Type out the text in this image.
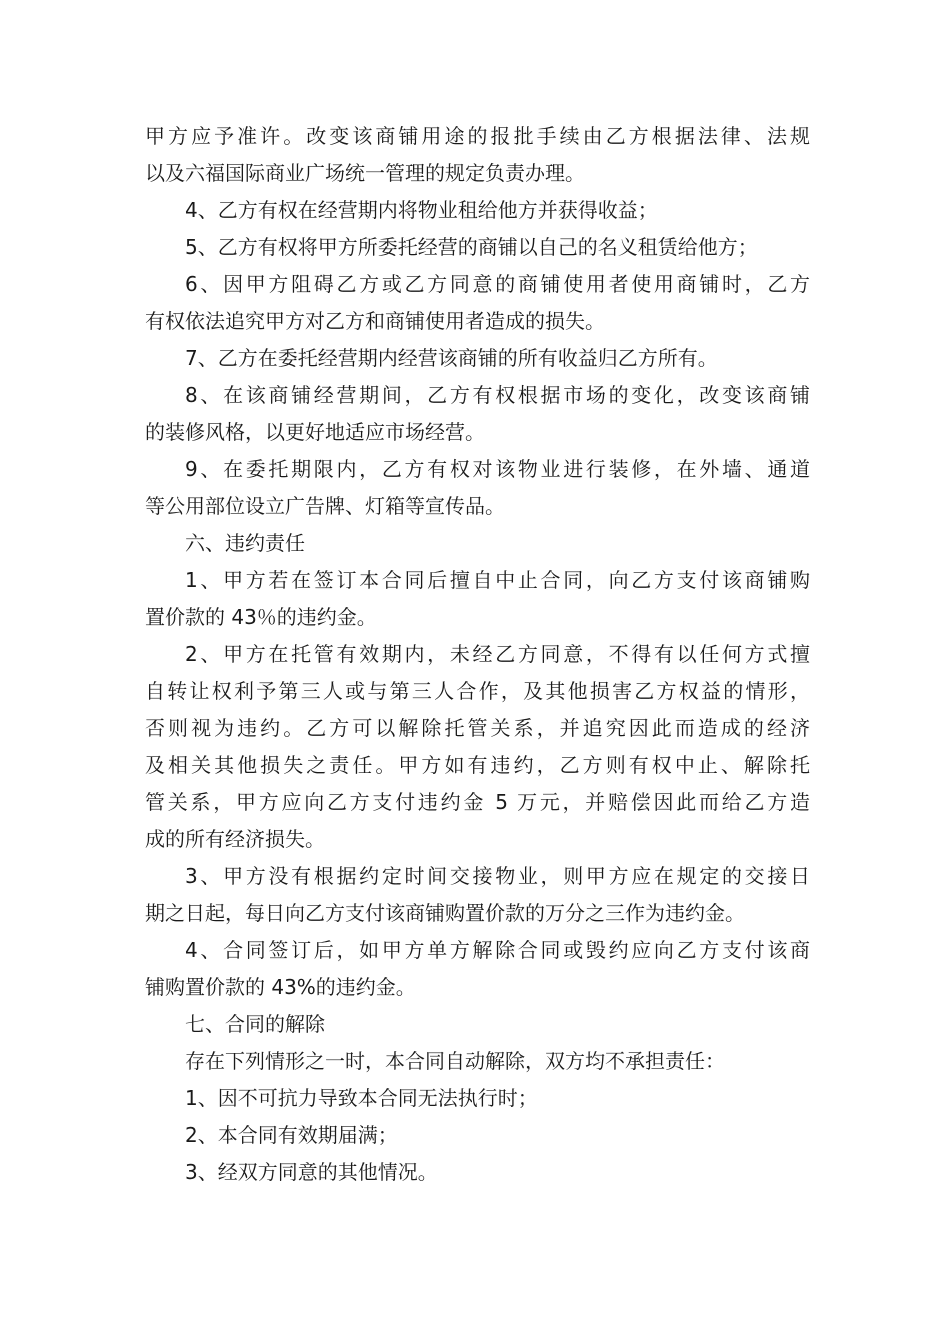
甲方应予准许。改变该商铺用途的报批手续由乙方根据法律、法规
以及六福国际商业广场统一管理的规定负责办理。
4、乙方有权在经营期内将物业租给他方并获得收益；
5、乙方有权将甲方所委托经营的商铺以自己的名义租赁给他方；
6、因甲方阻碍乙方或乙方同意的商铺使用者使用商铺时，乙方
有权依法追究甲方对乙方和商铺使用者造成的损失。
7、乙方在委托经营期内经营该商铺的所有收益归乙方所有。
8、在该商铺经营期间，乙方有权根据市场的变化，改变该商铺
的装修风格，以更好地适应市场经营。
9、在委托期限内，乙方有权对该物业进行装修，在外墙、通道
等公用部位设立广告牌、灯箱等宣传品。
六、违约责任
1、甲方若在签订本合同后擅自中止合同，向乙方支付该商铺购
置价款的 43％的违约金。
2、甲方在托管有效期内，未经乙方同意，不得有以任何方式擅
自转让权利予第三人或与第三人合作，及其他损害乙方权益的情形，
否则视为违约。乙方可以解除托管关系，并追究因此而造成的经济
及相关其他损失之责任。甲方如有违约，乙方则有权中止、解除托
管关系，甲方应向乙方支付违约金 5 万元，并赔偿因此而给乙方造
成的所有经济损失。
3、甲方没有根据约定时间交接物业，则甲方应在规定的交接日
期之日起，每日向乙方支付该商铺购置价款的万分之三作为违约金。
4、合同签订后，如甲方单方解除合同或毁约应向乙方支付该商
铺购置价款的 43%的违约金。
七、合同的解除
存在下列情形之一时，本合同自动解除，双方均不承担责任：
1、因不可抗力导致本合同无法执行时；
2、本合同有效期届满；
3、经双方同意的其他情况。
